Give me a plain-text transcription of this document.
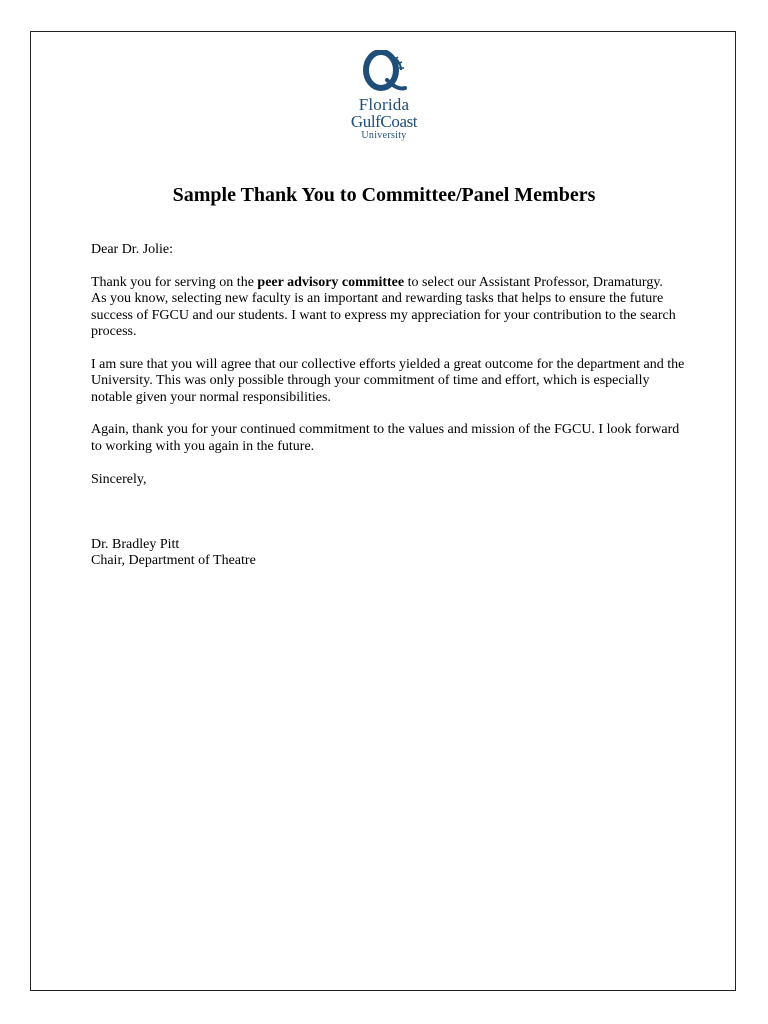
Florida
GulfCoast
University
Sample Thank You to Committee/Panel Members

Dear Dr. Jolie:

Thank you for serving on the peer advisory committee to select our Assistant Professor, Dramaturgy.

As you know, selecting new faculty is an important and rewarding tasks that helps to ensure the future

success of FGCU and our students. I want to express my appreciation for your contribution to the search

process.

I am sure that you will agree that our collective efforts yielded a great outcome for the department and the

University. This was only possible through your commitment of time and effort, which is especially

notable given your normal responsibilities.

Again, thank you for your continued commitment to the values and mission of the FGCU. I look forward

to working with you again in the future.

Sincerely,

Dr. Bradley Pitt

Chair, Department of Theatre
